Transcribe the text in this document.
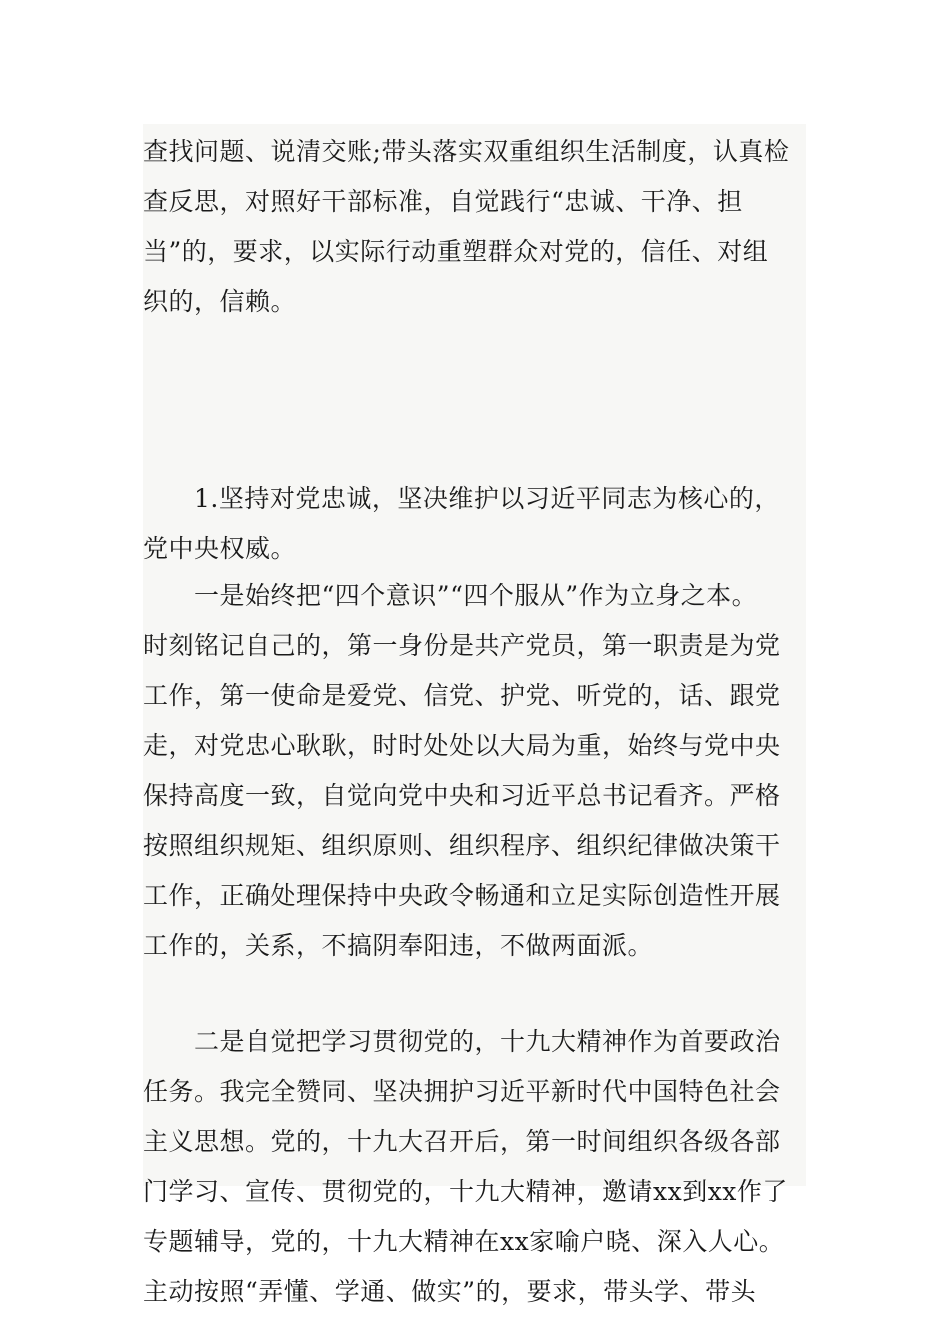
查找问题、说清交账;带头落实双重组织生活制度，认真检
查反思，对照好干部标准，自觉践行“忠诚、干净、担
当”的，要求，以实际行动重塑群众对党的，信任、对组
织的，信赖。
　　1.坚持对党忠诚，坚决维护以习近平同志为核心的，
党中央权威。
　　一是始终把“四个意识”“四个服从”作为立身之本。
时刻铭记自己的，第一身份是共产党员，第一职责是为党
工作，第一使命是爱党、信党、护党、听党的，话、跟党
走，对党忠心耿耿，时时处处以大局为重，始终与党中央
保持高度一致，自觉向党中央和习近平总书记看齐。严格
按照组织规矩、组织原则、组织程序、组织纪律做决策干
工作，正确处理保持中央政令畅通和立足实际创造性开展
工作的，关系，不搞阴奉阳违，不做两面派。
　　二是自觉把学习贯彻党的，十九大精神作为首要政治
任务。我完全赞同、坚决拥护习近平新时代中国特色社会
主义思想。党的，十九大召开后，第一时间组织各级各部
门学习、宣传、贯彻党的，十九大精神，邀请xx到xx作了
专题辅导，党的，十九大精神在xx家喻户晓、深入人心。
主动按照“弄懂、学通、做实”的，要求，带头学、带头
